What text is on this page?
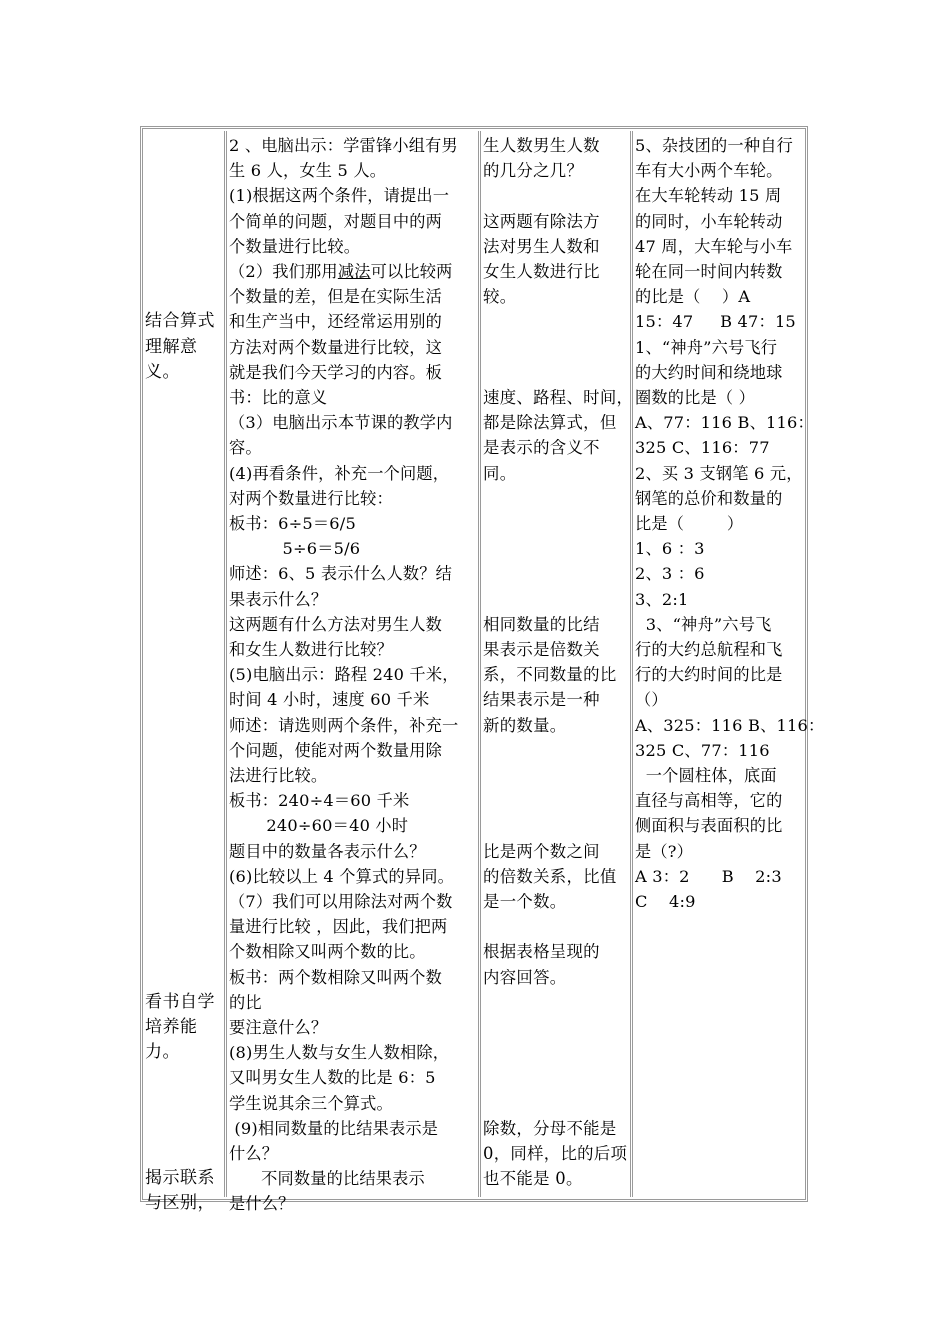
结合算式
理解意
义。
看书自学
培养能
力。
揭示联系
与区别，
2 、电脑出示：学雷锋小组有男
生 6 人，女生 5 人。
(1)根据这两个条件，请提出一
个简单的问题，对题目中的两
个数量进行比较。
（2）我们那用减法可以比较两
个数量的差，但是在实际生活
和生产当中，还经常运用别的
方法对两个数量进行比较，这
就是我们今天学习的内容。板
书：比的意义
（3）电脑出示本节课的教学内
容。
(4)再看条件，补充一个问题，
对两个数量进行比较：
板书：6÷5＝6/5
5÷6＝5/6
师述：6、5 表示什么人数？结
果表示什么？
这两题有什么方法对男生人数
和女生人数进行比较？
(5)电脑出示：路程 240 千米，
时间 4 小时，速度 60 千米
师述：请选则两个条件，补充一
个问题，使能对两个数量用除
法进行比较。
板书：240÷4＝60 千米
240÷60＝40 小时
题目中的数量各表示什么？
(6)比较以上 4 个算式的异同。
（7）我们可以用除法对两个数
量进行比较 ，因此，我们把两
个数相除又叫两个数的比。
板书：两个数相除又叫两个数
的比
要注意什么？
(8)男生人数与女生人数相除，
又叫男女生人数的比是 6：5
学生说其余三个算式。
(9)相同数量的比结果表示是
什么？
不同数量的比结果表示
是什么？
生人数男生人数
的几分之几？
这两题有除法方
法对男生人数和
女生人数进行比
较。
速度、路程、时间，
都是除法算式，但
是表示的含义不
同。
相同数量的比结
果表示是倍数关
系，不同数量的比
结果表示是一种
新的数量。
比是两个数之间
的倍数关系，比值
是一个数。
根据表格呈现的
内容回答。
除数，分母不能是
0，同样，比的后项
也不能是 0。
5、杂技团的一种自行
车有大小两个车轮。
在大车轮转动 15 周
的同时，小车轮转动
47 周，大车轮与小车
轮在同一时间内转数
的比是（    ）A
15：47     B 47：15
1、“神舟”六号飞行
的大约时间和绕地球
圈数的比是（ ）
A、77：116 B、116：
325 C、116：77
2、买 3 支钢笔 6 元，
钢笔的总价和数量的
比是（        ）
1、6 ：3
2、3 ：6
3、2:1
3、“神舟”六号飞
行的大约总航程和飞
行的大约时间的比是
（）
A、325：116 B、116：
325 C、77：116
一个圆柱体，底面
直径与高相等，它的
侧面积与表面积的比
是（?）
A 3：2      B    2:3
C    4:9
